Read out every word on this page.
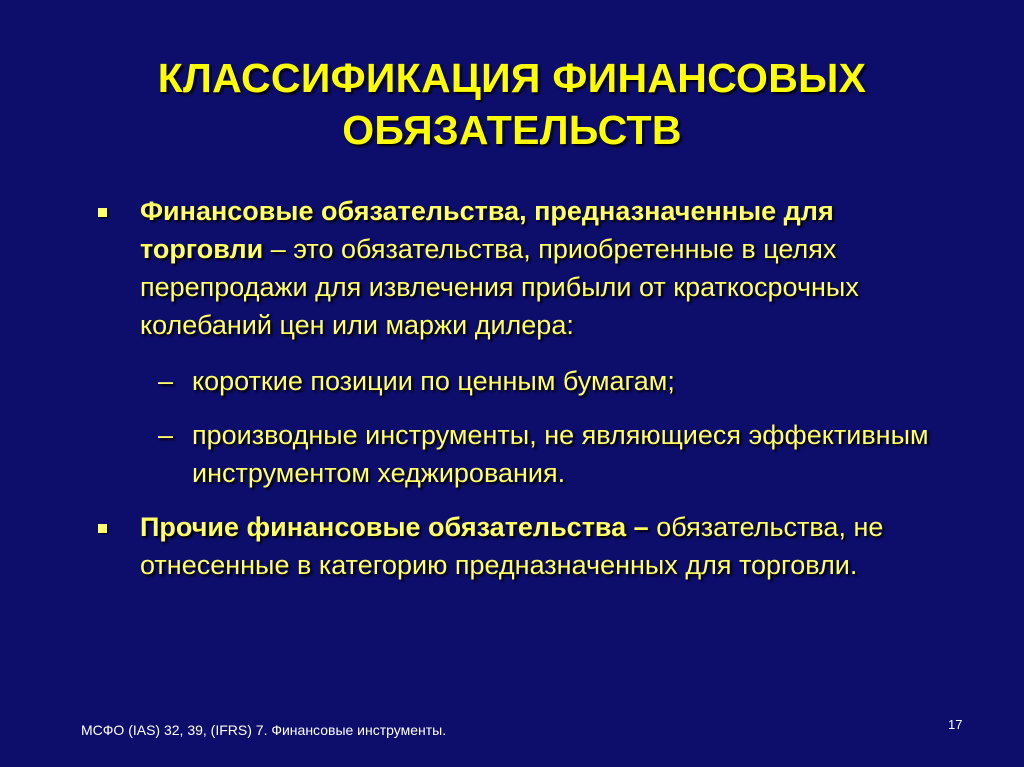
КЛАССИФИКАЦИЯ ФИНАНСОВЫХ
ОБЯЗАТЕЛЬСТВ

Финансовые обязательства, предназначенные для торговли – это обязательства, приобретенные в целях перепродажи для извлечения прибыли от краткосрочных колебаний цен или маржи дилера:

– короткие позиции по ценным бумагам;

– производные инструменты, не являющиеся эффективным инструментом хеджирования.

Прочие финансовые обязательства – обязательства, не отнесенные в категорию предназначенных для торговли.

МСФО (IAS) 32, 39, (IFRS) 7. Финансовые инструменты.	17
